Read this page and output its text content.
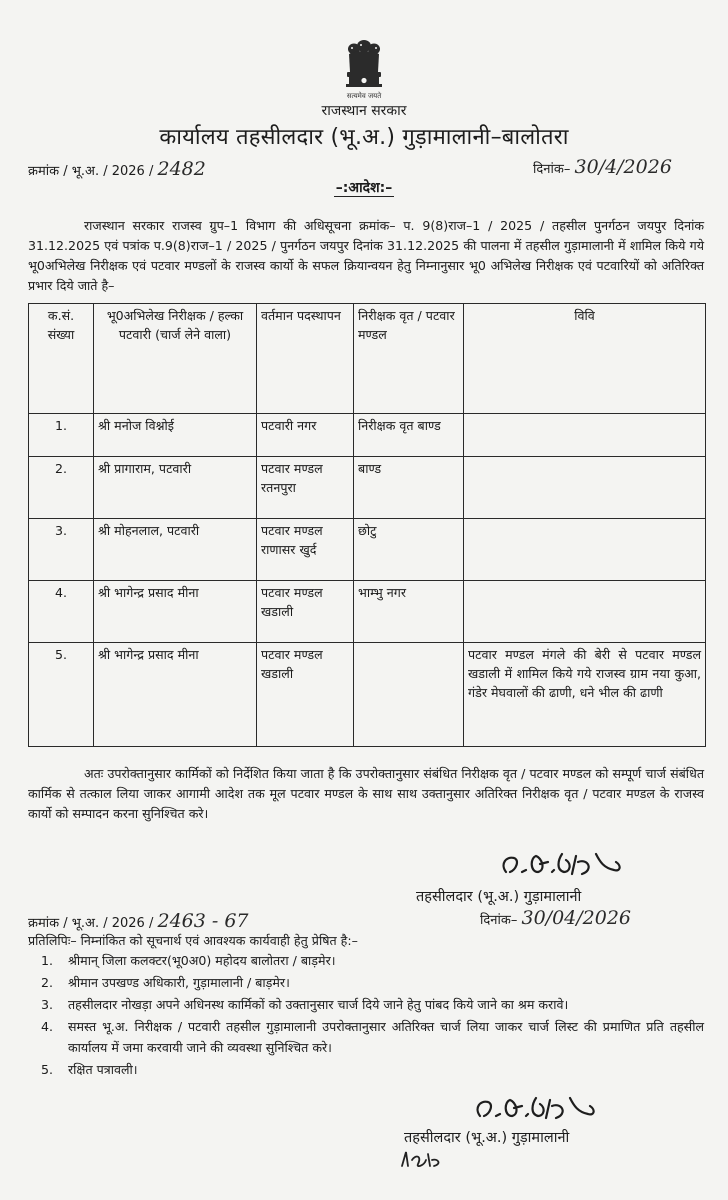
सत्यमेव जयते
राजस्थान सरकार
कार्यालय तहसीलदार (भू.अ.) गुड़ामालानी–बालोतरा
क्रमांक / भू.अ. / 2026 / 2482	दिनांक– 30/4/2026
–:आदेश:–
राजस्थान सरकार राजस्व ग्रुप–1 विभाग की अधिसूचना क्रमांक– प. 9(8)राज–1 / 2025 / तहसील पुनर्गठन जयपुर दिनांक 31.12.2025 एवं पत्रांक प.9(8)राज–1 / 2025 / पुनर्गठन जयपुर दिनांक 31.12.2025 की पालना में तहसील गुड़ामालानी में शामिल किये गये भू0अभिलेख निरीक्षक एवं पटवार मण्डलों के राजस्व कार्यो के सफल क्रियान्वयन हेतु निम्नानुसार भू0 अभिलेख निरीक्षक एवं पटवारियों को अतिरिक्त प्रभार दिये जाते है–
क.सं. संख्या	भू0अभिलेख निरीक्षक / हल्का पटवारी (चार्ज लेने वाला)	वर्तमान पदस्थापन	निरीक्षक वृत / पटवार मण्डल	विवि
1.	श्री मनोज विश्नोई	पटवारी नगर	निरीक्षक वृत बाण्ड	
2.	श्री प्रागाराम, पटवारी	पटवार मण्डल रतनपुरा	बाण्ड	
3.	श्री मोहनलाल, पटवारी	पटवार मण्डल राणासर खुर्द	छोटु	
4.	श्री भागेन्द्र प्रसाद मीना	पटवार मण्डल खडाली	भाम्भु नगर	
5.	श्री भागेन्द्र प्रसाद मीना	पटवार मण्डल खडाली		पटवार मण्डल मंगले की बेरी से पटवार मण्डल खडाली में शामिल किये गये राजस्व ग्राम नया कुआ, गंडेर मेघवालों की ढाणी, धने भील की ढाणी
अतः उपरोक्तानुसार कार्मिकों को निर्देशित किया जाता है कि उपरोक्तानुसार संबंधित निरीक्षक वृत / पटवार मण्डल को सम्पूर्ण चार्ज संबंधित कार्मिक से तत्काल लिया जाकर आगामी आदेश तक मूल पटवार मण्डल के साथ साथ उक्तानुसार अतिरिक्त निरीक्षक वृत / पटवार मण्डल के राजस्व कार्यो को सम्पादन करना सुनिश्चित करे।
तहसीलदार (भू.अ.) गुड़ामालानी
क्रमांक / भू.अ. / 2026 / 2463 - 67	दिनांक– 30/04/2026
प्रतिलिपिः– निम्नांकित को सूचनार्थ एवं आवश्यक कार्यवाही हेतु प्रेषित है:–
1. श्रीमान् जिला कलक्टर(भू0अ0) महोदय बालोतरा / बाड़मेर।
2. श्रीमान उपखण्ड अधिकारी, गुड़ामालानी / बाड़मेर।
3. तहसीलदार नोखड़ा अपने अधिनस्थ कार्मिकों को उक्तानुसार चार्ज दिये जाने हेतु पांबद किये जाने का श्रम करावे।
4. समस्त भू.अ. निरीक्षक / पटवारी तहसील गुड़ामालानी उपरोक्तानुसार अतिरिक्त चार्ज लिया जाकर चार्ज लिस्ट की प्रमाणित प्रति तहसील कार्यालय में जमा करवायी जाने की व्यवस्था सुनिश्चित करे।
5. रक्षित पत्रावली।
तहसीलदार (भू.अ.) गुड़ामालानी
